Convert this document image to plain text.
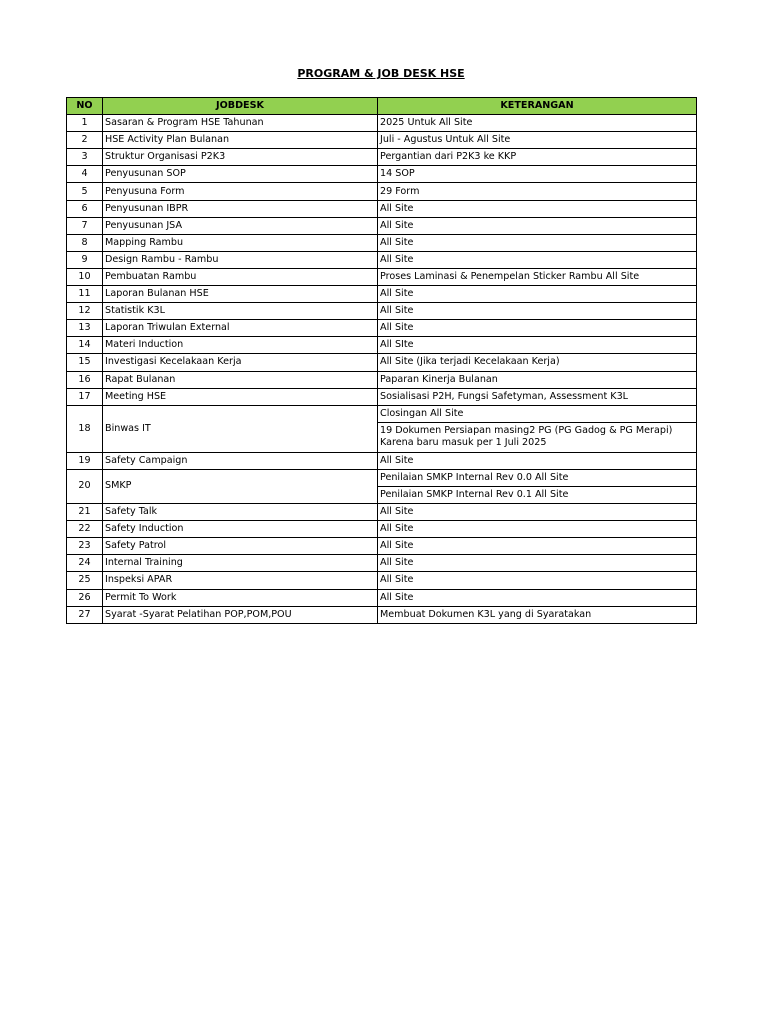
PROGRAM & JOB DESK HSE
NO	JOBDESK	KETERANGAN
1	Sasaran & Program HSE Tahunan	2025 Untuk All Site
2	HSE Activity Plan Bulanan	Juli - Agustus Untuk All Site
3	Struktur Organisasi P2K3	Pergantian dari P2K3 ke KKP
4	Penyusunan SOP	14 SOP
5	Penyusuna Form	29 Form
6	Penyusunan IBPR	All Site
7	Penyusunan JSA	All Site
8	Mapping Rambu	All Site
9	Design Rambu - Rambu	All Site
10	Pembuatan Rambu	Proses Laminasi & Penempelan Sticker Rambu All Site
11	Laporan Bulanan HSE	All Site
12	Statistik K3L	All Site
13	Laporan Triwulan External	All Site
14	Materi Induction	All SIte
15	Investigasi Kecelakaan Kerja	All Site (Jika terjadi Kecelakaan Kerja)
16	Rapat Bulanan	Paparan Kinerja Bulanan
17	Meeting HSE	Sosialisasi P2H, Fungsi Safetyman, Assessment K3L
18	Binwas IT	Closingan All Site
		19 Dokumen Persiapan masing2 PG (PG Gadog & PG Merapi) Karena baru masuk per 1 Juli 2025
19	Safety Campaign	All Site
20	SMKP	Penilaian SMKP Internal Rev 0.0 All Site
		Penilaian SMKP Internal Rev 0.1 All Site
21	Safety Talk	All Site
22	Safety Induction	All Site
23	Safety Patrol	All Site
24	Internal Training	All Site
25	Inspeksi APAR	All Site
26	Permit To Work	All Site
27	Syarat -Syarat Pelatihan POP,POM,POU	Membuat Dokumen K3L yang di Syaratakan
